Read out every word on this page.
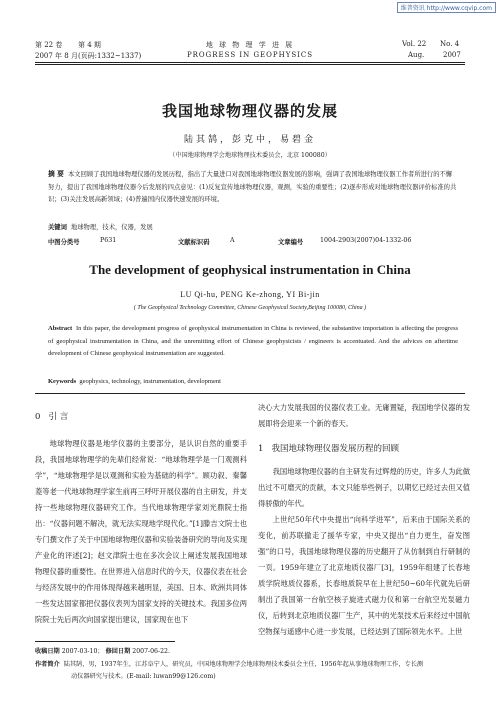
维普资讯 http://www.cqvip.com
第 22 卷 第 4 期	地 球 物 理 学 进 展	Vol. 22 No. 4
2007 年 8 月(页码:1332~1337)	PROGRESS IN GEOPHYSICS	Aug.	2007
我国地球物理仪器的发展
陆其鹄，彭克中，易碧金
（中国地球物理学会地球物理技术委员会，北京 100080）
摘 要 本文回顾了我国地球物理仪器的发展历程，指出了大量进口对我国地球物理仪器发展的影响，强调了我国地球物理仪器工作者所进行的不懈努力，提出了我国地球物理仪器今后发展的四点意见：(1)反复宣传地球物理仪器，观测，实验的重要性；(2)逐步形成对地球物理仪器评价标准的共识；(3)关注发展高新领域；(4)普遍国内仪器快速发展的环境。
关键词 地球物理，技术，仪器，发展
中图分类号	P631	文献标识码	A	文章编号	1004-2903(2007)04-1332-06
The development of geophysical instrumentation in China
LU Qi-hu, PENG Ke-zhong, YI Bi-jin
( The Geophysical Technology Committee, Chinese Geophysical Society,Beijing 100080, China )
Abstract In this paper, the development progress of geophysical instrumentation in China is reviewed, the substantive importation is affecting the progress of geophysical instrumentation in China, and the unremitting effort of Chinese geophysicists / engineers is accentuated. And the advices on aftertime development of Chinese geophysical instrumentation are suggested.
Keywords geophysics, technology, instrumentation, development
0 引 言

地球物理仪器是地学仪器的主要部分，是认识自然的重要手段，我国地球物理学的先辈们经常说：“地球物理学是一门观测科学”，“地球物理学是以观测和实验为基础的科学”。顾功叙、秦馨菱等老一代地球物理学家生前再三呼吁开展仪器的自主研发，并支持一些地球物理仪器研究工作。当代地球物理学家刘光鼎院士指出：“仪器问题不解决，就无法实现地学现代化。”[1]滕吉文院士也专门撰文作了关于中国地球物理仪器和实验装备研究的导向及实现产业化的评述[2]；赵文津院士也在多次会议上阐述发展我国地球物理仪器的重要性。在世界进入信息时代的今天，仪器仪表在社会与经济发展中的作用体现得越来越明显，美国、日本、欧洲共同体一些发达国家都把仪器仪表列为国家支持的关键技术。我国多位两院院士先后两次向国家提出建议，国家现在也下

决心大力发展我国的仪器仪表工业。无庸置疑，我国地学仪器的发展即将会迎来一个新的春天。

1 我国地球物理仪器发展历程的回顾

我国地球物理仪器的自主研发有过辉煌的历史，许多人为此做出过不可磨灭的贡献，本文只能举些例子，以期忆已经过去但又值得骄傲的年代。

上世纪50年代中央提出“向科学进军”，后来由于国际关系的变化，前苏联撤走了援华专家，中央又提出“自力更生，奋发图强”的口号，我国地球物理仪器的历史翻开了从仿制到自行研制的一页。1959年建立了北京地质仪器厂[3]，1959年组建了长春地质学院地质仪器系，长春地质院早在上世纪50~60年代就先后研制出了我国第一台航空核子旋进式磁力仪和第一台航空光泵磁力仪，后转到北京地质仪器厂生产，其中的光泵技术后来经过中国航空物探与遥感中心进一步发展，已经达到了国际领先水平。上世

收稿日期 2007-03-10； 修回日期 2007-06-22.
作者简介 陆其鹄，男，1937年生，江苏阜宁人，研究员，中国地球物理学会地球物理技术委员会主任，1956年起从事地球物理工作，专长测
动仪器研究与技术。(E-mail: luwan99@126.com)
